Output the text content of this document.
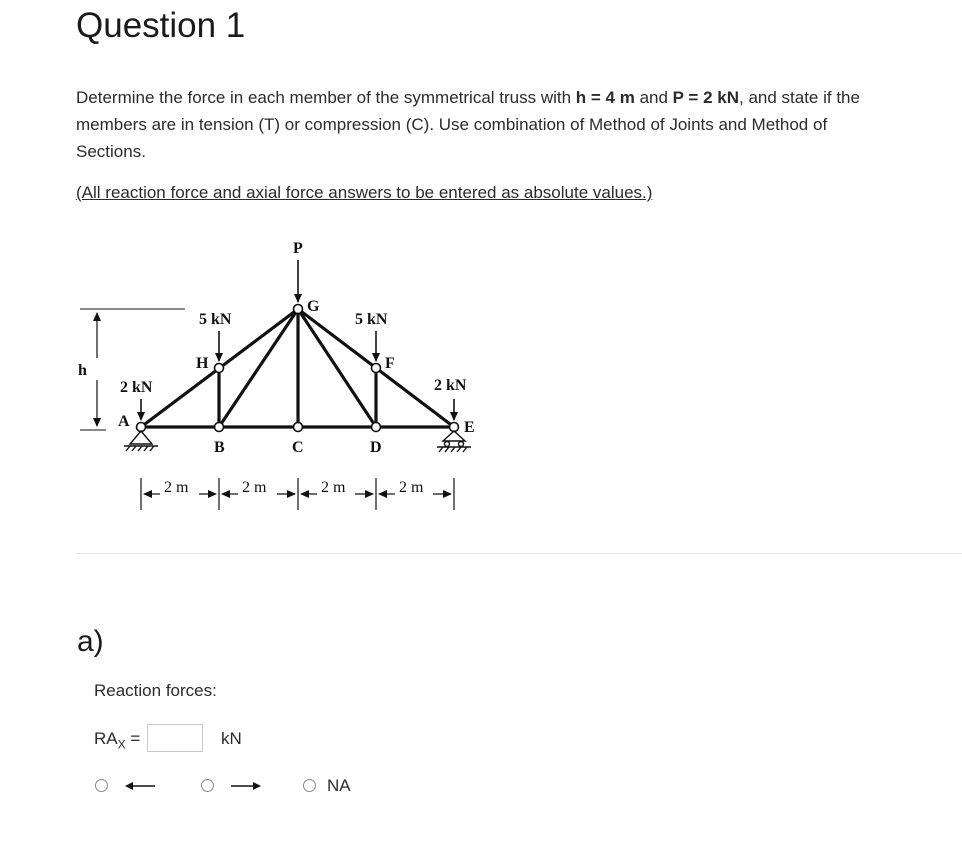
Question 1

Determine the force in each member of the symmetrical truss with h = 4 m and P = 2 kN, and state if the members are in tension (T) or compression (C). Use combination of Method of Joints and Method of Sections.

(All reaction force and axial force answers to be entered as absolute values.)
h
P
5 kN	5 kN
2 kN	2 kN
A
B	C	D
E
F
G
H
2 m	2 m	2 m	2 m
a)
Reaction forces:
$RA_X$ =	kN
NA
